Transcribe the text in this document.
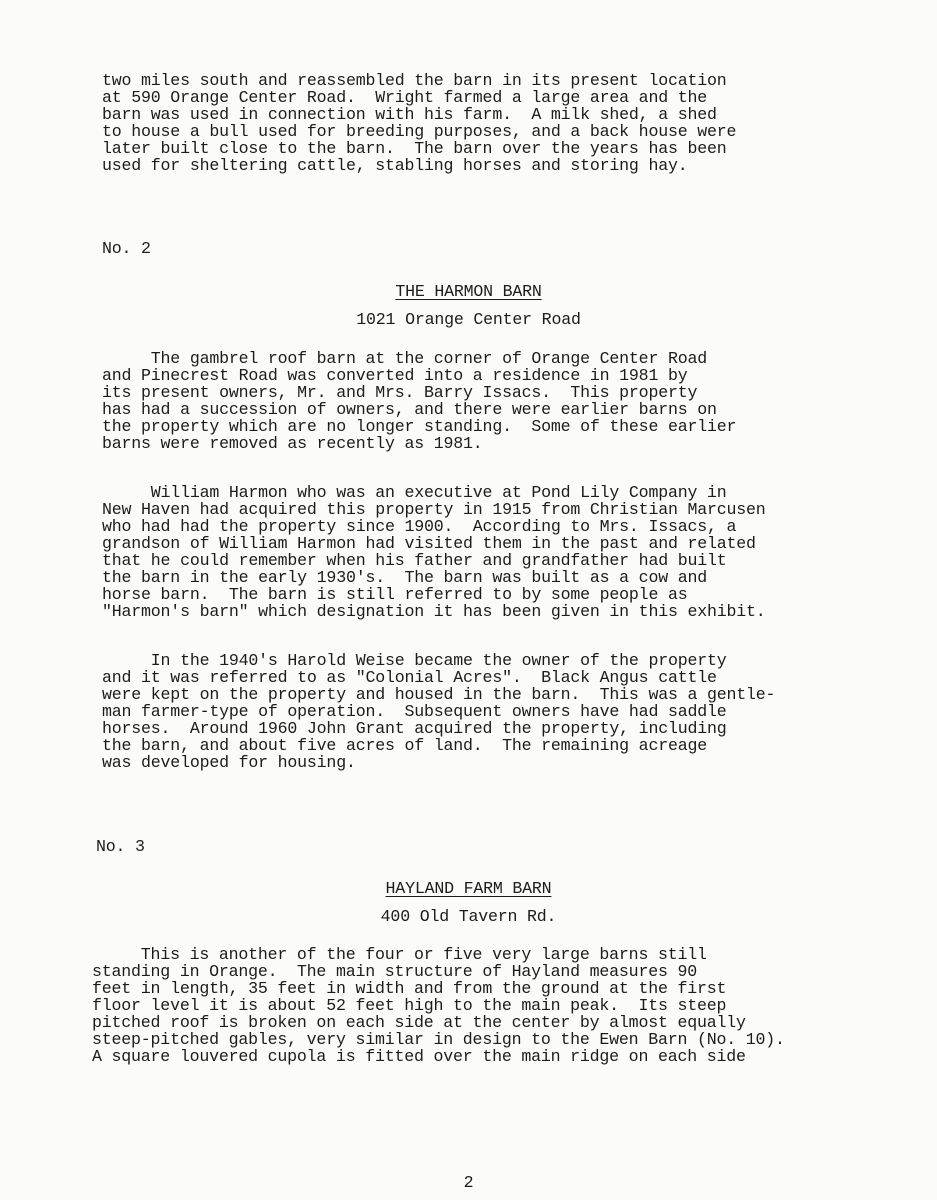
two miles south and reassembled the barn in its present location
at 590 Orange Center Road.  Wright farmed a large area and the
barn was used in connection with his farm.  A milk shed, a shed
to house a bull used for breeding purposes, and a back house were
later built close to the barn.  The barn over the years has been
used for sheltering cattle, stabling horses and storing hay.
No. 2
THE HARMON BARN
1021 Orange Center Road
The gambrel roof barn at the corner of Orange Center Road
and Pinecrest Road was converted into a residence in 1981 by
its present owners, Mr. and Mrs. Barry Issacs.  This property
has had a succession of owners, and there were earlier barns on
the property which are no longer standing.  Some of these earlier
barns were removed as recently as 1981.
William Harmon who was an executive at Pond Lily Company in
New Haven had acquired this property in 1915 from Christian Marcusen
who had had the property since 1900.  According to Mrs. Issacs, a
grandson of William Harmon had visited them in the past and related
that he could remember when his father and grandfather had built
the barn in the early 1930's.  The barn was built as a cow and
horse barn.  The barn is still referred to by some people as
"Harmon's barn" which designation it has been given in this exhibit.
In the 1940's Harold Weise became the owner of the property
and it was referred to as "Colonial Acres".  Black Angus cattle
were kept on the property and housed in the barn.  This was a gentle-
man farmer-type of operation.  Subsequent owners have had saddle
horses.  Around 1960 John Grant acquired the property, including
the barn, and about five acres of land.  The remaining acreage
was developed for housing.
No. 3
HAYLAND FARM BARN
400 Old Tavern Rd.
This is another of the four or five very large barns still
standing in Orange.  The main structure of Hayland measures 90
feet in length, 35 feet in width and from the ground at the first
floor level it is about 52 feet high to the main peak.  Its steep
pitched roof is broken on each side at the center by almost equally
steep-pitched gables, very similar in design to the Ewen Barn (No. 10).
A square louvered cupola is fitted over the main ridge on each side
2
